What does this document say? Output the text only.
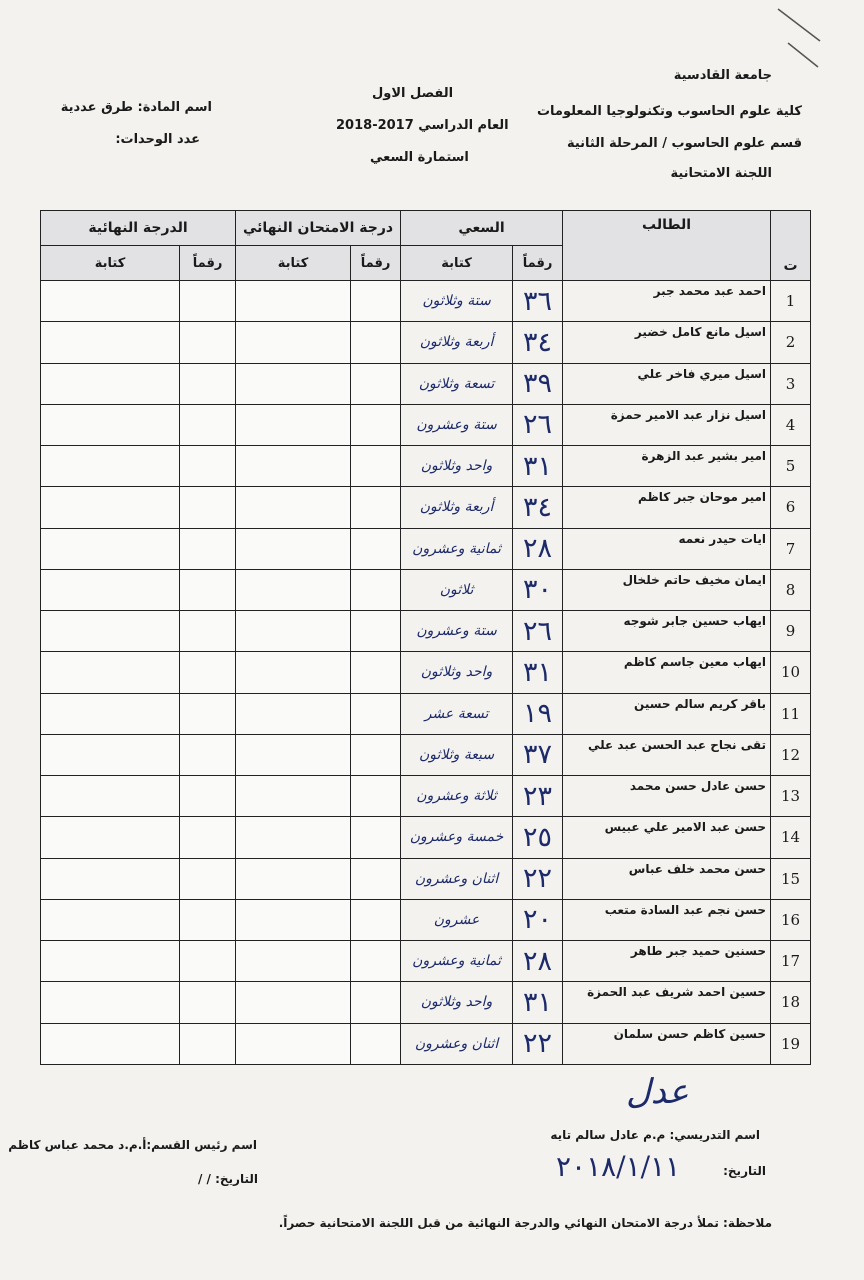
جامعة القادسية
كلية علوم الحاسوب وتكنولوجيا المعلومات
قسم علوم الحاسوب / المرحلة الثانية
اللجنة الامتحانية
الفصل الاول
العام الدراسي 2017-2018
استمارة السعي
اسم المادة: طرق عددية
عدد الوحدات:
ت	الطالب	السعي		درجة الامتحان النهائي		الدرجة النهائية	
		رقماً	كتابة	رقماً	كتابة	رقماً	كتابة
1	احمد عبد محمد جبر	٣٦	ستة وثلاثون				
2	اسيل مانع كامل خضير	٣٤	أربعة وثلاثون				
3	اسيل ميري فاخر علي	٣٩	تسعة وثلاثون				
4	اسيل نزار عبد الامير حمزة	٢٦	ستة وعشرون				
5	امير بشير عبد الزهرة	٣١	واحد وثلاثون				
6	امير موحان جبر كاظم	٣٤	أربعة وثلاثون				
7	ايات حيدر نعمه	٢٨	ثمانية وعشرون				
8	ايمان مخيف حاتم خلخال	٣٠	ثلاثون				
9	ايهاب حسين جابر شوجه	٢٦	ستة وعشرون				
10	ايهاب معين جاسم كاظم	٣١	واحد وثلاثون				
11	باقر كريم سالم حسين	١٩	تسعة عشر				
12	تقى نجاح عبد الحسن عبد علي	٣٧	سبعة وثلاثون				
13	حسن عادل حسن محمد	٢٣	ثلاثة وعشرون				
14	حسن عبد الامير علي عبيس	٢٥	خمسة وعشرون				
15	حسن محمد خلف عباس	٢٢	اثنان وعشرون				
16	حسن نجم عبد السادة متعب	٢٠	عشرون				
17	حسنين حميد جبر طاهر	٢٨	ثمانية وعشرون				
18	حسين احمد شريف عبد الحمزة	٣١	واحد وثلاثون				
19	حسين كاظم حسن سلمان	٢٢	اثنان وعشرون				
ﻋﺪﻝ
اسم التدريسي: م.م عادل سالم تايه
اسم رئيس القسم:أ.م.د محمد عباس كاظم
التاريخ:
٢٠١٨/١/١١
التاريخ: / /
ملاحظة: تملأ درجة الامتحان النهائي والدرجة النهائية من قبل اللجنة الامتحانية حصراً.
